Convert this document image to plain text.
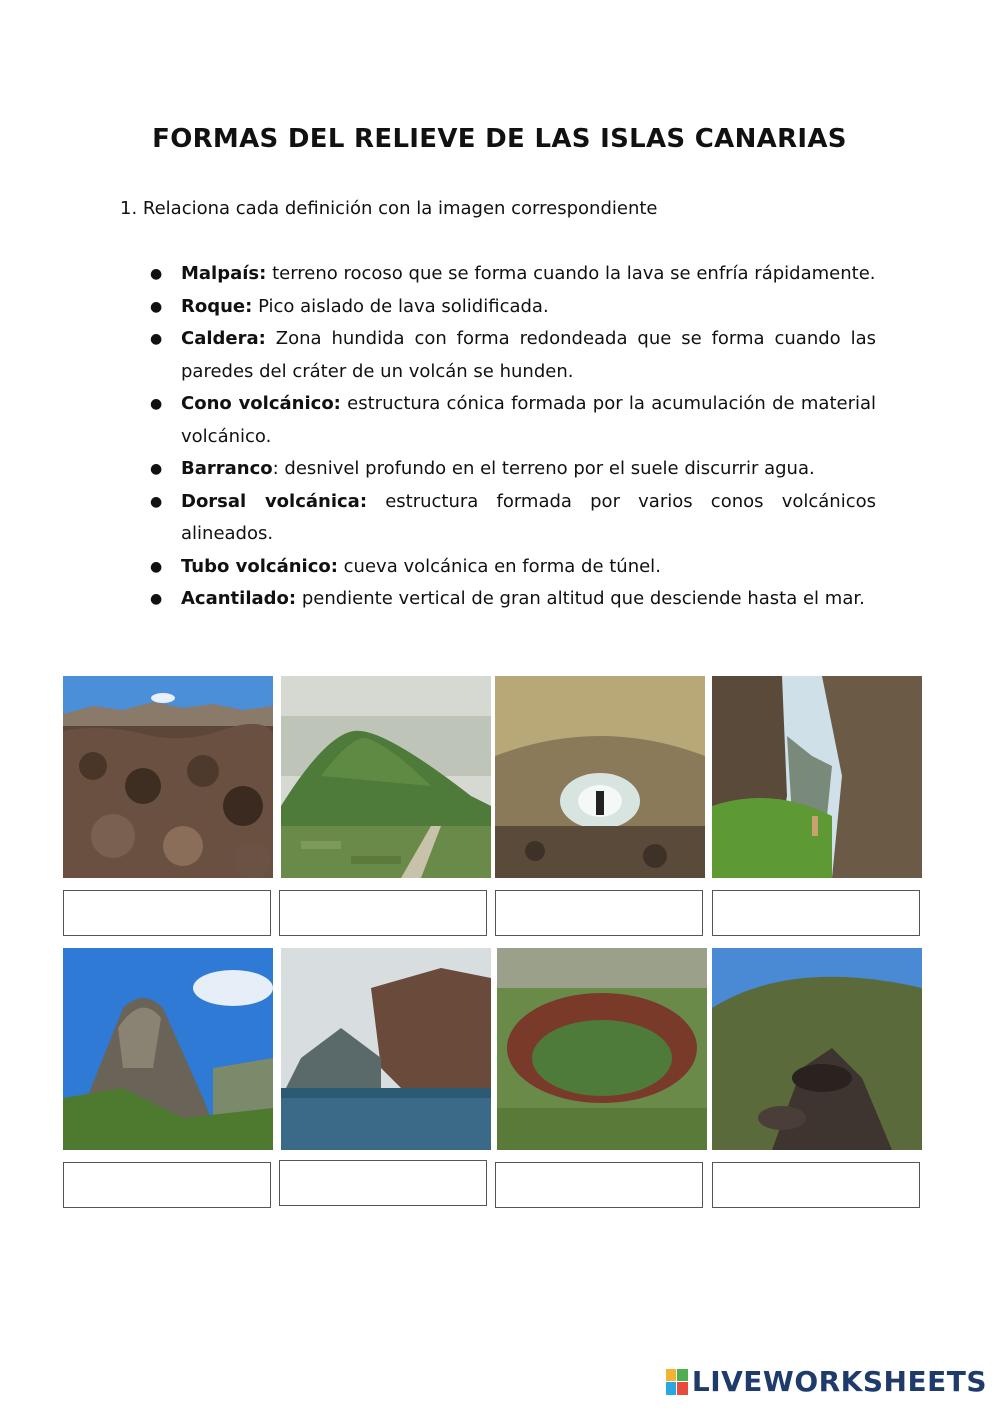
FORMAS DEL RELIEVE DE LAS ISLAS CANARIAS
1. Relaciona cada definición con la imagen correspondiente
● Malpaís: terreno rocoso que se forma cuando la lava se enfría rápidamente.
● Roque: Pico aislado de lava solidificada.
● Caldera: Zona hundida con forma redondeada que se forma cuando las paredes del cráter de un volcán se hunden.
● Cono volcánico: estructura cónica formada por la acumulación de material volcánico.
● Barranco: desnivel profundo en el terreno por el suele discurrir agua.
● Dorsal volcánica: estructura formada por varios conos volcánicos alineados.
● Tubo volcánico: cueva volcánica en forma de túnel.
● Acantilado: pendiente vertical de gran altitud que desciende hasta el mar.
LIVEWORKSHEETS
